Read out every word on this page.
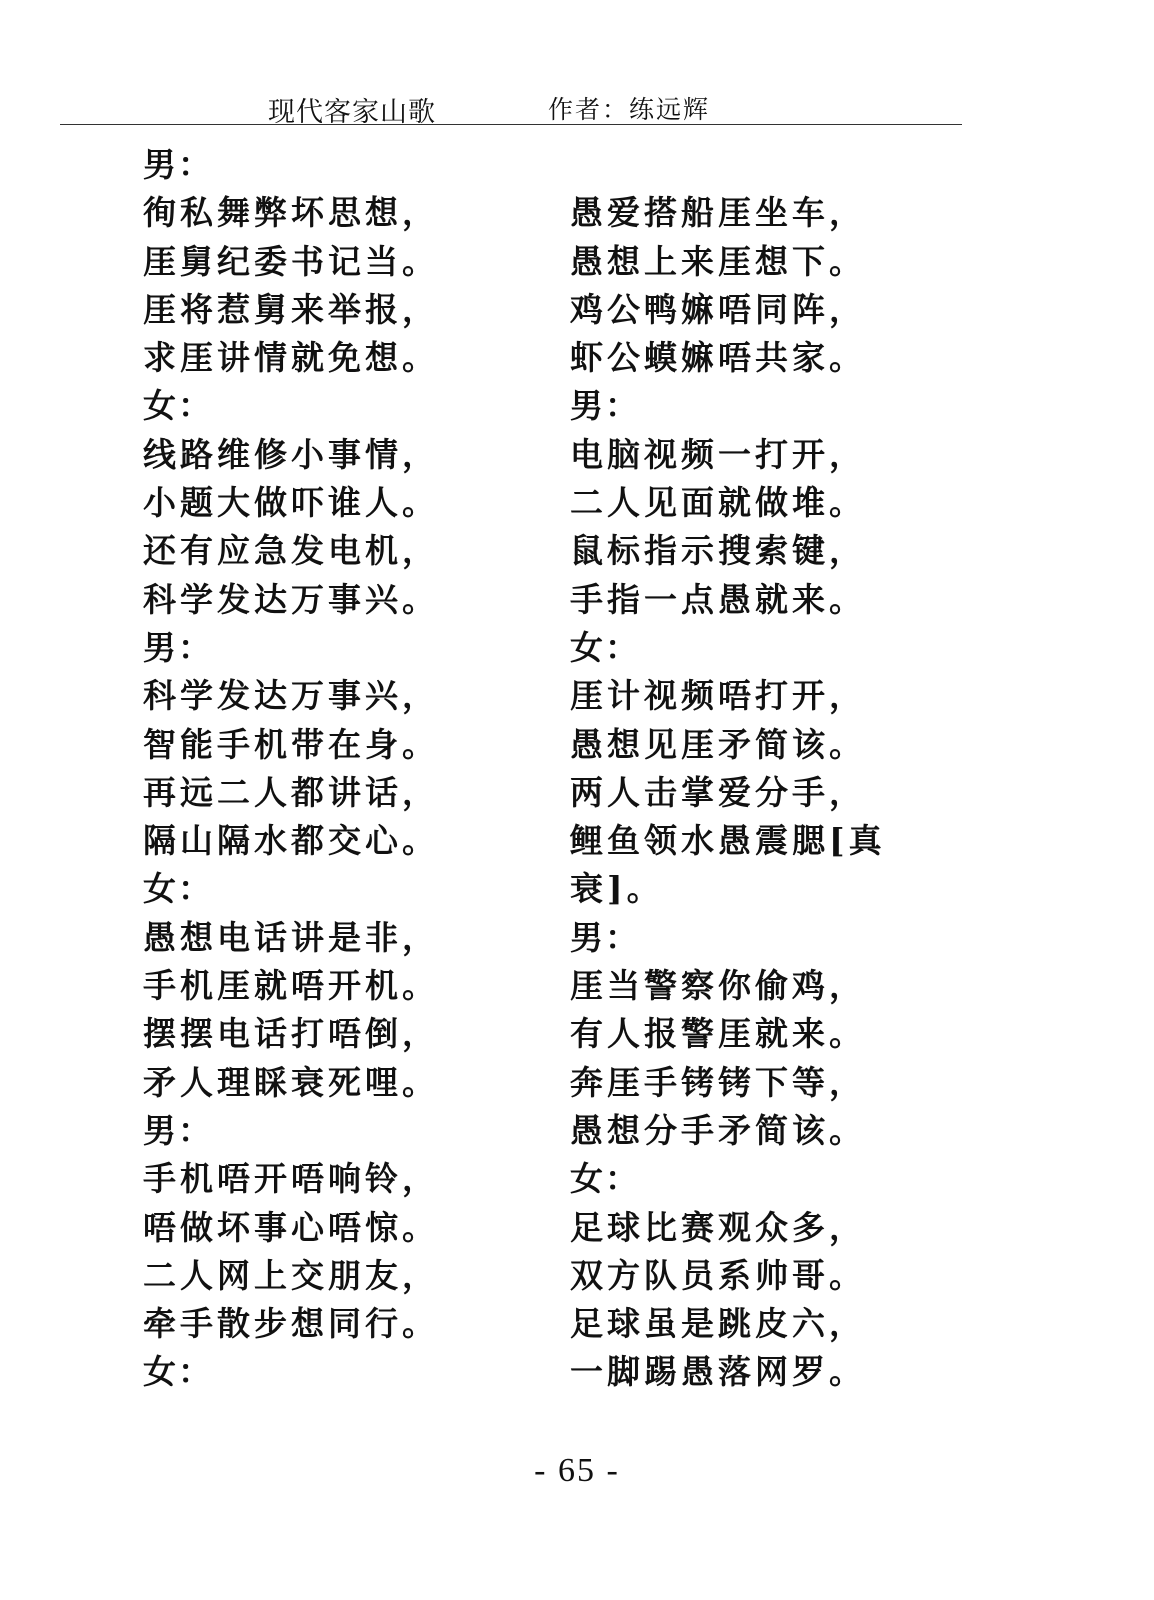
现代客家山歌	作者：练远辉
男：
徇私舞弊坏思想，
厓舅纪委书记当。
厓将惹舅来举报，
求厓讲情就免想。
女：
线路维修小事情，
小题大做吓谁人。
还有应急发电机，
科学发达万事兴。
男：
科学发达万事兴，
智能手机带在身。
再远二人都讲话，
隔山隔水都交心。
女：
愚想电话讲是非，
手机厓就唔开机。
摆摆电话打唔倒，
矛人理睬衰死哩。
男：
手机唔开唔响铃，
唔做坏事心唔惊。
二人网上交朋友，
牵手散步想同行。
女：
愚爱搭船厓坐车，
愚想上来厓想下。
鸡公鸭嫲唔同阵，
虾公蟆嫲唔共家。
男：
电脑视频一打开，
二人见面就做堆。
鼠标指示搜索键，
手指一点愚就来。
女：
厓计视频唔打开，
愚想见厓矛简该。
两人击掌爱分手，
鲤鱼领水愚震腮[真
衰]。
男：
厓当警察你偷鸡，
有人报警厓就来。
奔厓手铐铐下等，
愚想分手矛简该。
女：
足球比赛观众多，
双方队员系帅哥。
足球虽是跳皮六，
一脚踢愚落网罗。
- 65 -
